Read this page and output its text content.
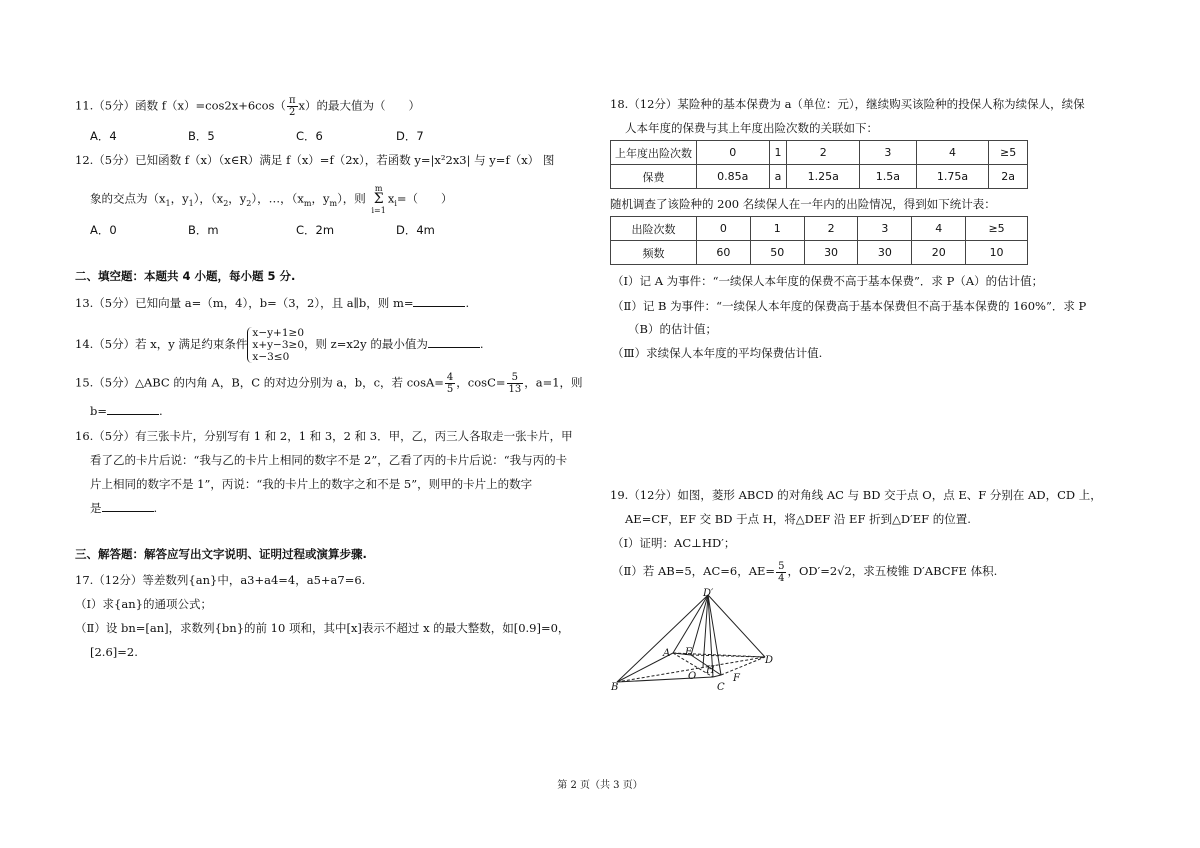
11.（5分）函数 $f(x)=\cos 2x+6\cos( \frac{\pi}{2} x)$的最大值为（　　）
A．4	B．5	C．6	D．7
12.（5分）已知函数 f（x）（x∈R）满足 f（x）=f（2x），若函数 y=|x²2x3| 与 y=f（x） 图
象的交点为（$x_1$，$y_1$），（$x_2$，$y_2$），…，（$x_m$，$y_m$），则 m
Σ
$i=1x_i=$（　　）
A．0	B．m	C．2m	D．4m
二、填空题：本题共 4 小题，每小题 5 分.
13.（5分）已知向量 a=（m，4），b=（3，2），且 a∥b，则 m=	.
14.（5分）若 x，y 满足约束条件
x−y+1≥0
x+y−3≥0
x−3≤0
，则 z=x2y 的最小值为	.
15.（5分）△ABC 的内角 A，B，C 的对边分别为 a，b，c，若 $\cos A= \frac{4}{5}$ ，$\cos C= \frac{5}{13}$ ，a=1，则
b=	.
16.（5分）有三张卡片，分别写有 1 和 2，1 和 3，2 和 3．甲，乙，丙三人各取走一张卡片，甲
看了乙的卡片后说：“我与乙的卡片上相同的数字不是 2”，乙看了丙的卡片后说：“我与丙的卡
片上相同的数字不是 1”，丙说：“我的卡片上的数字之和不是 5”，则甲的卡片上的数字
是	.
三、解答题：解答应写出文字说明、证明过程或演算步骤.
17.（12分）等差数列{an}中，a3+a4=4，a5+a7=6.
（Ⅰ）求{an}的通项公式；
（Ⅱ）设 bn=[an]，求数列{bn}的前 10 项和，其中[x]表示不超过 x 的最大整数，如[0.9]=0，
[2.6]=2.
18.（12分）某险种的基本保费为 a（单位：元），继续购买该险种的投保人称为续保人，续保
人本年度的保费与其上年度出险次数的关联如下：
上年度出险次数	0	1	2	3	4	≥5
保费	0.85a	a	1.25a	1.5a	1.75a	2a
随机调查了该险种的 200 名续保人在一年内的出险情况，得到如下统计表：
出险次数	0	1	2	3	4	≥5
频数	60	50	30	30	20	10
（Ⅰ）记 A 为事件：“一续保人本年度的保费不高于基本保费”．求 P（A）的估计值；
（Ⅱ）记 B 为事件：“一续保人本年度的保费高于基本保费但不高于基本保费的 160%”．求 P
（B）的估计值；
（Ⅲ）求续保人本年度的平均保费估计值.
19.（12分）如图，菱形 ABCD 的对角线 AC 与 BD 交于点 O，点 E、F 分别在 AD，CD 上，
AE=CF，EF 交 BD 于点 H，将△DEF 沿 EF 折到△D′EF 的位置.
（Ⅰ）证明：AC⊥HD′；
（Ⅱ）若 AB=5，AC=6，$AE= \frac{5}{4}$ ，OD′=2√2，求五棱锥 D′ABCFE 体积.
D′
A E
H
D
O
B	C
F
第 2 页（共 3 页）
